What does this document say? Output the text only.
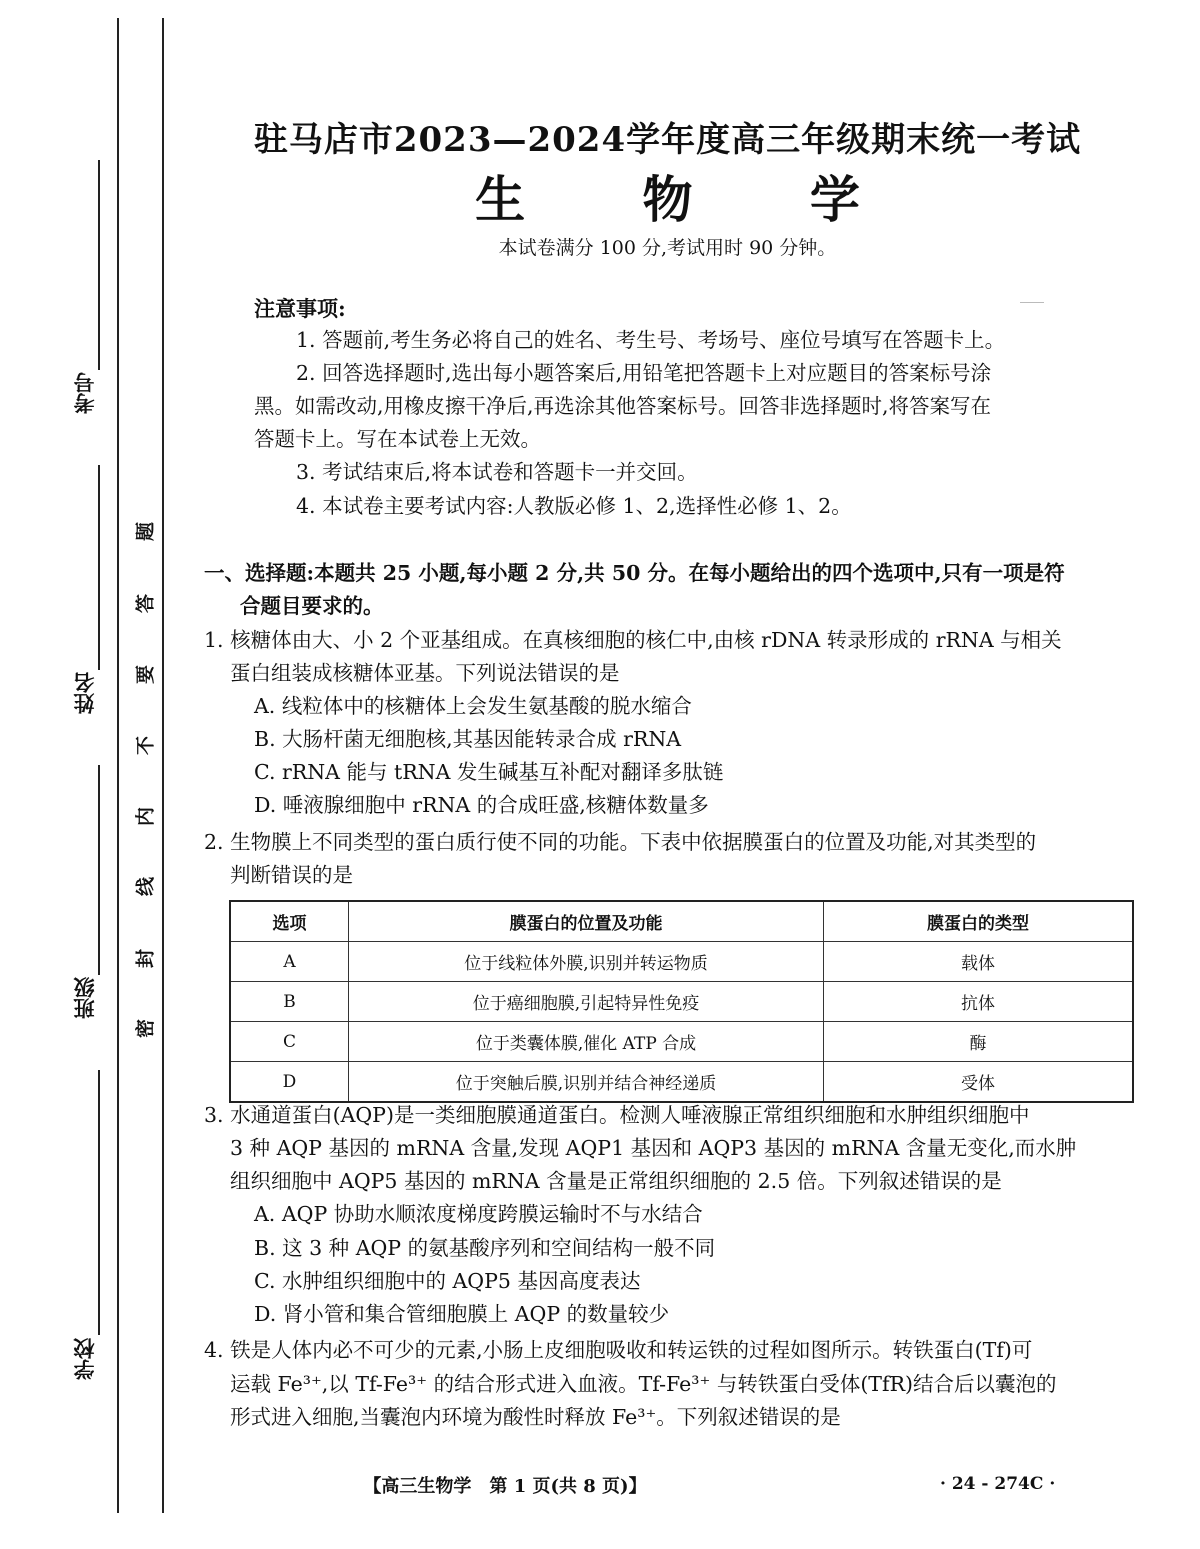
考号
姓名
班级
学校
密
封
线
内
不
要
答
题
驻马店市2023—2024学年度高三年级期末统一考试
生 物 学
本试卷满分 100 分,考试用时 90 分钟。
注意事项:
1. 答题前,考生务必将自己的姓名、考生号、考场号、座位号填写在答题卡上。
2. 回答选择题时,选出每小题答案后,用铅笔把答题卡上对应题目的答案标号涂
黑。如需改动,用橡皮擦干净后,再选涂其他答案标号。回答非选择题时,将答案写在
答题卡上。写在本试卷上无效。
3. 考试结束后,将本试卷和答题卡一并交回。
4. 本试卷主要考试内容:人教版必修 1、2,选择性必修 1、2。
一、选择题:本题共 25 小题,每小题 2 分,共 50 分。在每小题给出的四个选项中,只有一项是符
合题目要求的。
1. 核糖体由大、小 2 个亚基组成。在真核细胞的核仁中,由核 rDNA 转录形成的 rRNA 与相关
蛋白组装成核糖体亚基。下列说法错误的是
A. 线粒体中的核糖体上会发生氨基酸的脱水缩合
B. 大肠杆菌无细胞核,其基因能转录合成 rRNA
C. rRNA 能与 tRNA 发生碱基互补配对翻译多肽链
D. 唾液腺细胞中 rRNA 的合成旺盛,核糖体数量多
2. 生物膜上不同类型的蛋白质行使不同的功能。下表中依据膜蛋白的位置及功能,对其类型的
判断错误的是
选项	膜蛋白的位置及功能	膜蛋白的类型
A	位于线粒体外膜,识别并转运物质	载体
B	位于癌细胞膜,引起特异性免疫	抗体
C	位于类囊体膜,催化 ATP 合成	酶
D	位于突触后膜,识别并结合神经递质	受体
3. 水通道蛋白(AQP)是一类细胞膜通道蛋白。检测人唾液腺正常组织细胞和水肿组织细胞中
3 种 AQP 基因的 mRNA 含量,发现 AQP1 基因和 AQP3 基因的 mRNA 含量无变化,而水肿
组织细胞中 AQP5 基因的 mRNA 含量是正常组织细胞的 2.5 倍。下列叙述错误的是
A. AQP 协助水顺浓度梯度跨膜运输时不与水结合
B. 这 3 种 AQP 的氨基酸序列和空间结构一般不同
C. 水肿组织细胞中的 AQP5 基因高度表达
D. 肾小管和集合管细胞膜上 AQP 的数量较少
4. 铁是人体内必不可少的元素,小肠上皮细胞吸收和转运铁的过程如图所示。转铁蛋白(Tf)可
运载 Fe³⁺,以 Tf-Fe³⁺ 的结合形式进入血液。Tf-Fe³⁺ 与转铁蛋白受体(TfR)结合后以囊泡的
形式进入细胞,当囊泡内环境为酸性时释放 Fe³⁺。下列叙述错误的是
【高三生物学　第 1 页(共 8 页)】	· 24 - 274C ·
